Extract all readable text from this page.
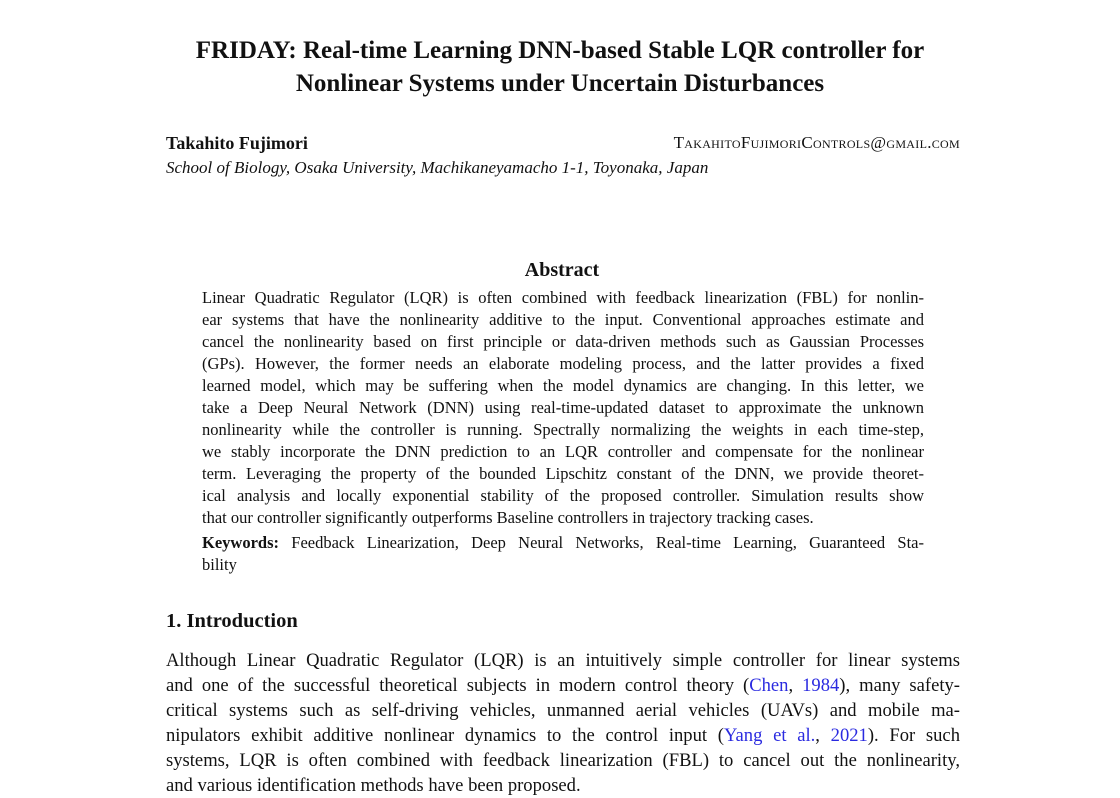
FRIDAY: Real-time Learning DNN-based Stable LQR controller for
Nonlinear Systems under Uncertain Disturbances
Takahito Fujimori	TakahitoFujimoriControls@gmail.com
School of Biology, Osaka University, Machikaneyamacho 1-1, Toyonaka, Japan
Abstract
Linear Quadratic Regulator (LQR) is often combined with feedback linearization (FBL) for nonlin-
ear systems that have the nonlinearity additive to the input. Conventional approaches estimate and
cancel the nonlinearity based on first principle or data-driven methods such as Gaussian Processes
(GPs). However, the former needs an elaborate modeling process, and the latter provides a fixed
learned model, which may be suffering when the model dynamics are changing. In this letter, we
take a Deep Neural Network (DNN) using real-time-updated dataset to approximate the unknown
nonlinearity while the controller is running. Spectrally normalizing the weights in each time-step,
we stably incorporate the DNN prediction to an LQR controller and compensate for the nonlinear
term. Leveraging the property of the bounded Lipschitz constant of the DNN, we provide theoret-
ical analysis and locally exponential stability of the proposed controller. Simulation results show
that our controller significantly outperforms Baseline controllers in trajectory tracking cases.
Keywords: Feedback Linearization, Deep Neural Networks, Real-time Learning, Guaranteed Sta-
bility
1. Introduction
Although Linear Quadratic Regulator (LQR) is an intuitively simple controller for linear systems
and one of the successful theoretical subjects in modern control theory (Chen, 1984), many safety-
critical systems such as self-driving vehicles, unmanned aerial vehicles (UAVs) and mobile ma-
nipulators exhibit additive nonlinear dynamics to the control input (Yang et al., 2021). For such
systems, LQR is often combined with feedback linearization (FBL) to cancel out the nonlinearity,
and various identification methods have been proposed.
